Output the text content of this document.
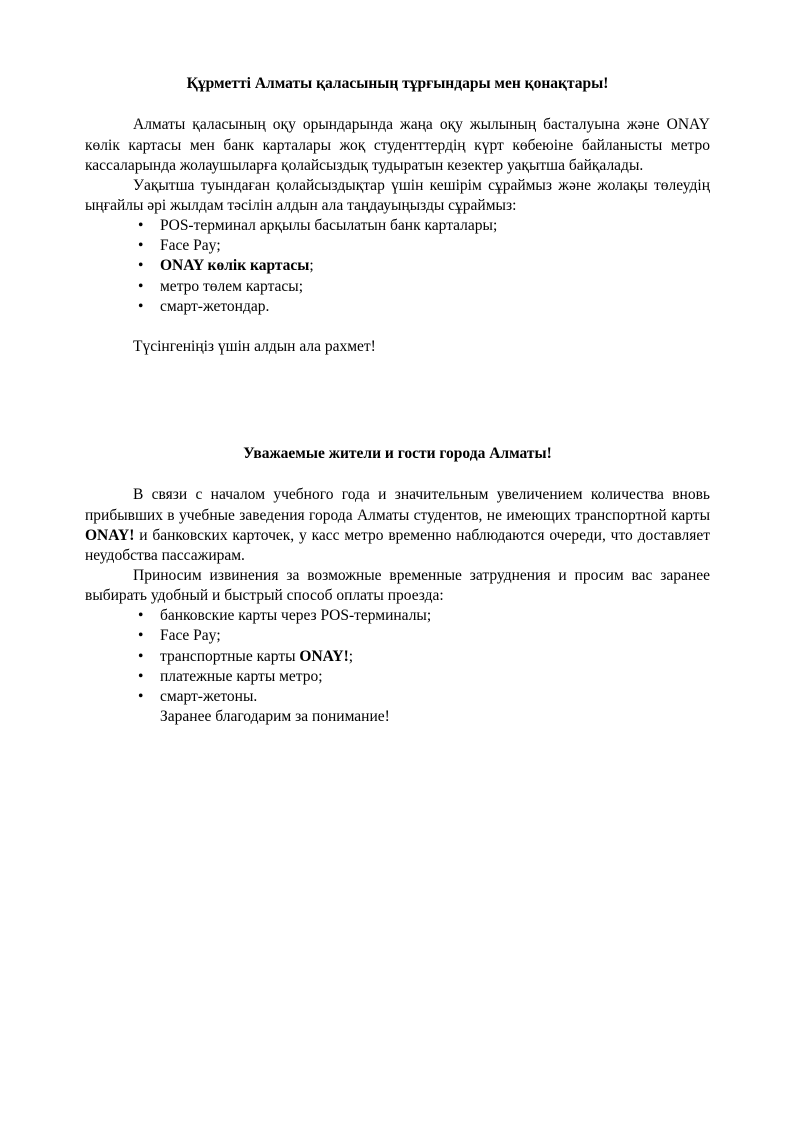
Құрметті Алматы қаласының тұрғындары мен қонақтары!

Алматы қаласының оқу орындарында жаңа оқу жылының басталуына және ONAY көлік картасы мен банк карталары жоқ студенттердің күрт көбеюіне байланысты метро кассаларында жолаушыларға қолайсыздық тудыратын кезектер уақытша байқалады.

Уақытша туындаған қолайсыздықтар үшін кешірім сұраймыз және жолақы төлеудің ыңғайлы әрі жылдам тәсілін алдын ала таңдауыңызды сұраймыз:

• POS-терминал арқылы басылатын банк карталары;
• Face Pay;
• ONAY көлік картасы;
• метро төлем картасы;
• смарт-жетондар.
Түсінгеніңіз үшін алдын ала рахмет!
Уважаемые жители и гости города Алматы!

В связи с началом учебного года и значительным увеличением количества вновь прибывших в учебные заведения города Алматы студентов, не имеющих транспортной карты ONAY! и банковских карточек, у касс метро временно наблюдаются очереди, что доставляет неудобства пассажирам.

Приносим извинения за возможные временные затруднения и просим вас заранее выбирать удобный и быстрый способ оплаты проезда:

• банковские карты через POS-терминалы;
• Face Pay;
• транспортные карты ONAY!;
• платежные карты метро;
• смарт-жетоны.
Заранее благодарим за понимание!
